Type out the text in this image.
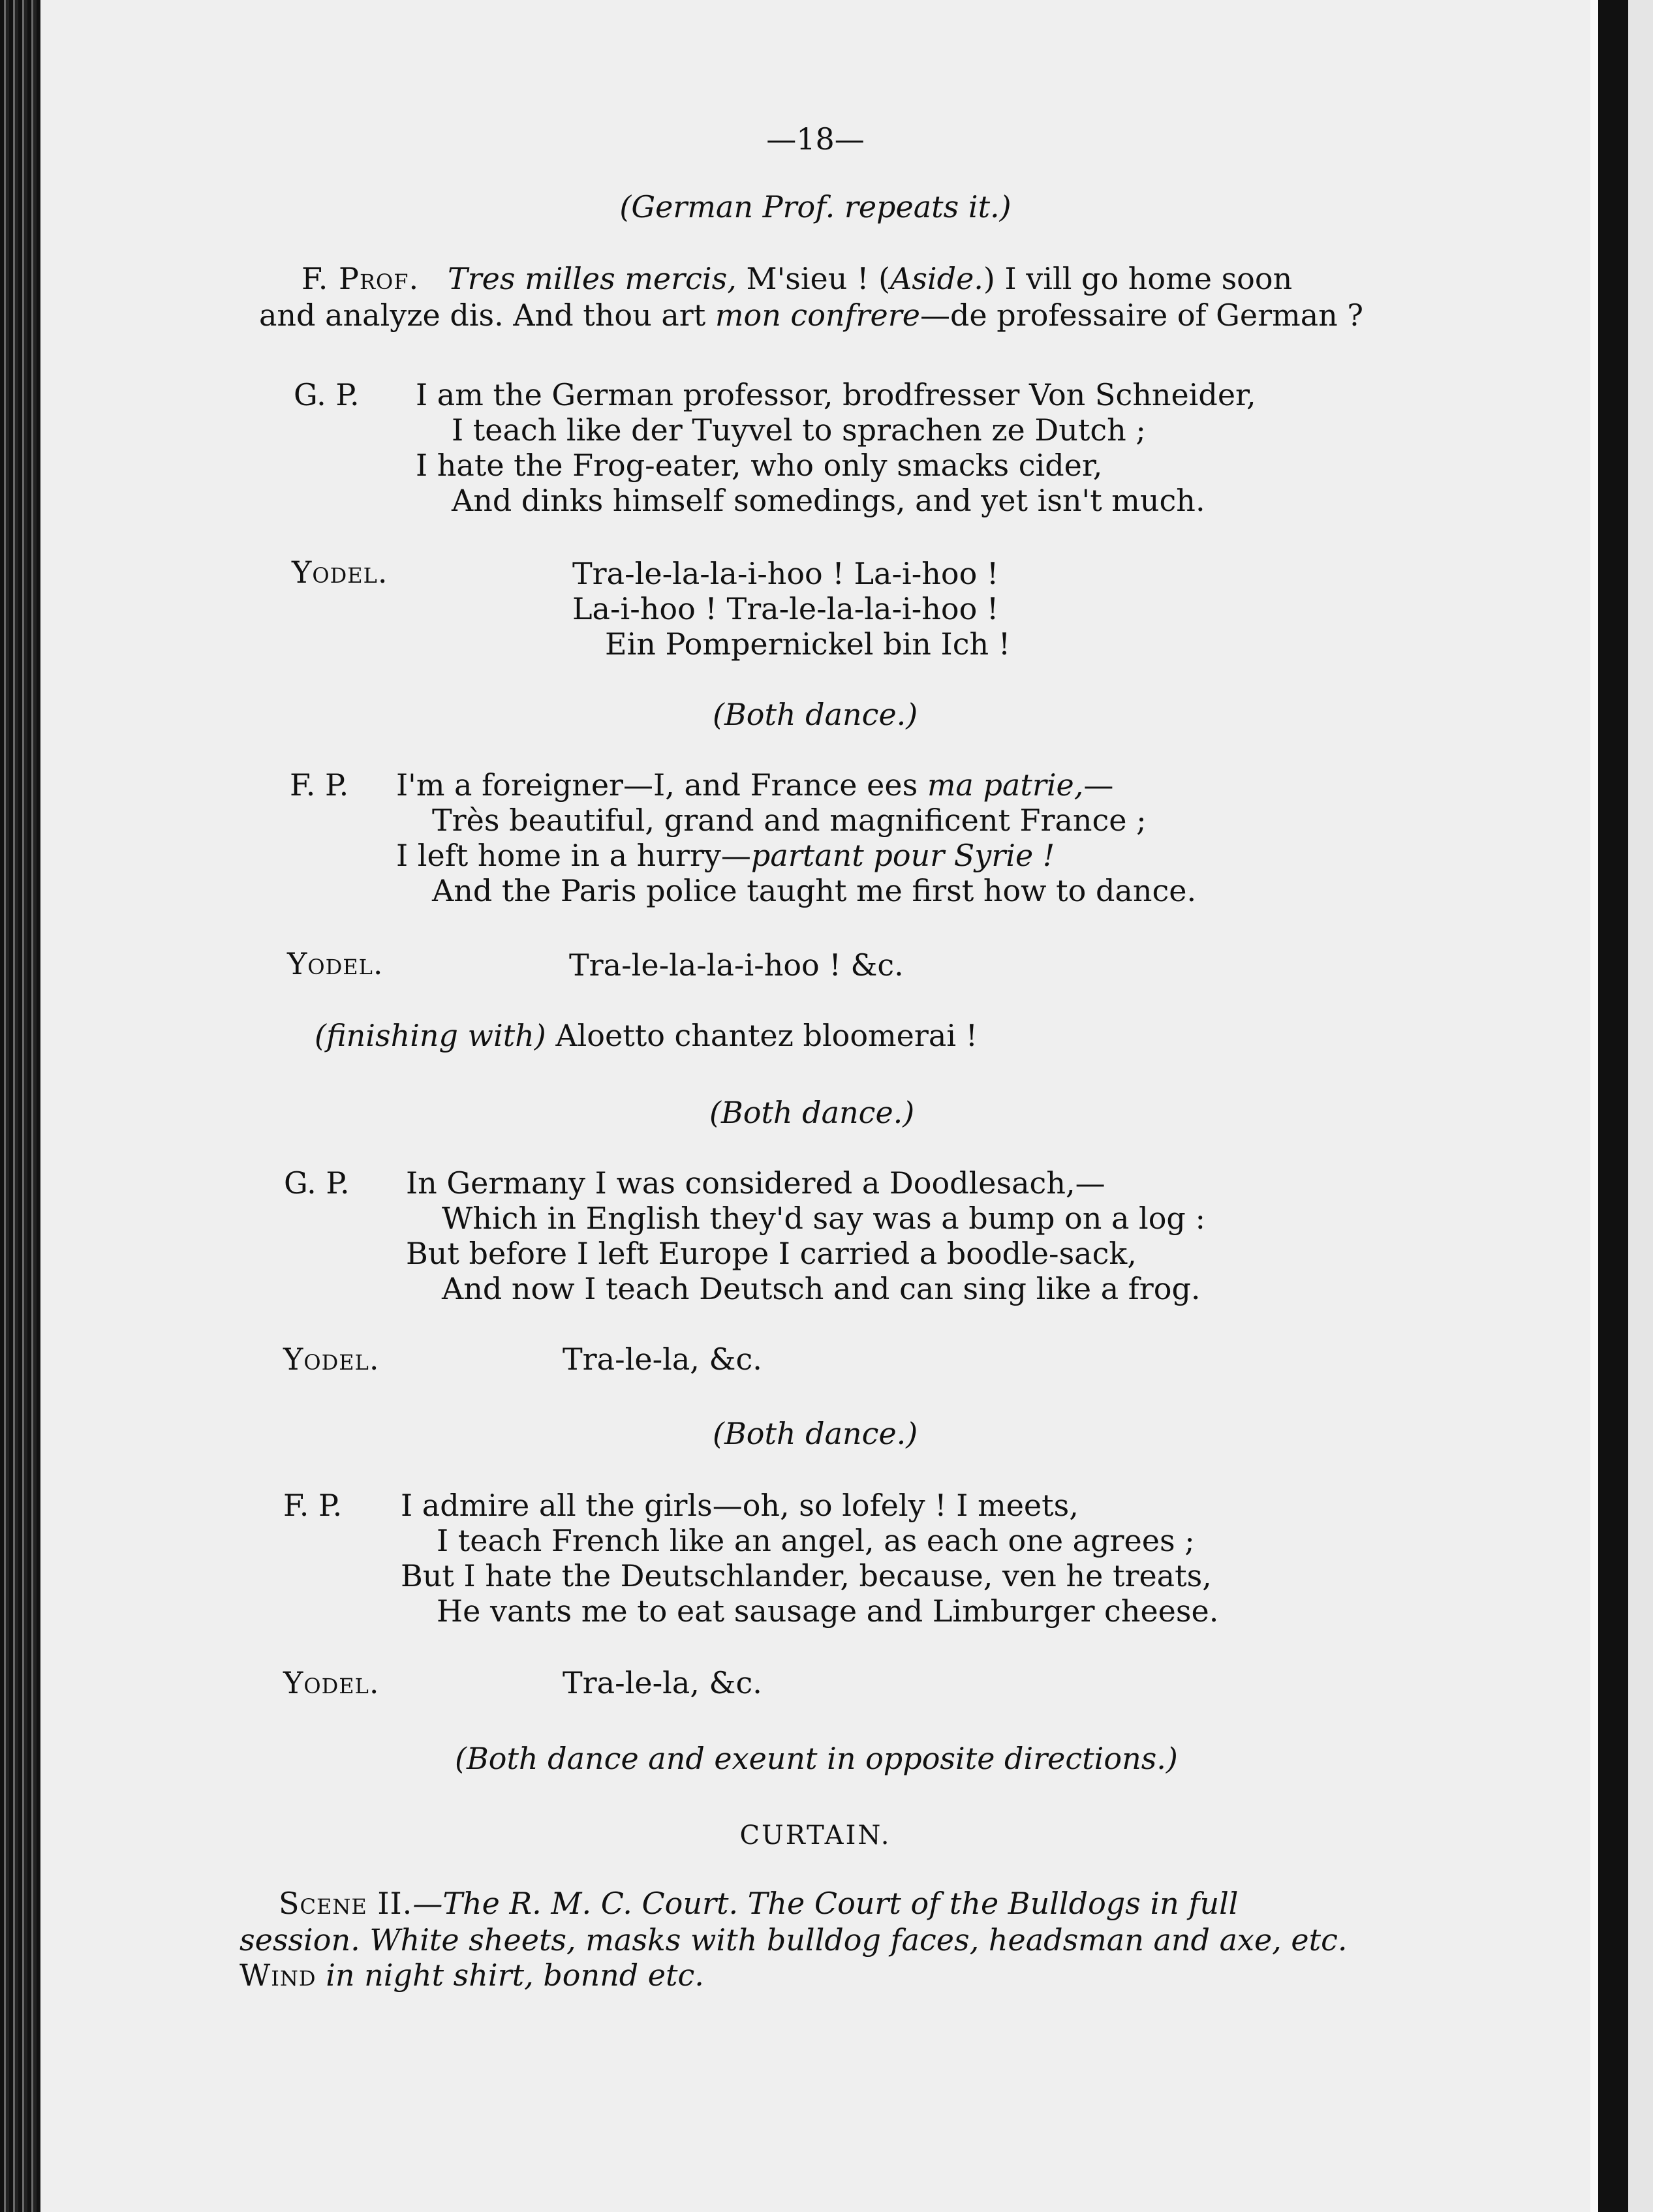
—18—
(German Prof. repeats it.)
F. Prof. Tres milles mercis, M'sieu ! (Aside.) I vill go home soon
and analyze dis. And thou art mon confrere—de professaire of German ?
G. P. I am the German professor, brodfresser Von Schneider,
I teach like der Tuyvel to sprachen ze Dutch ;
I hate the Frog-eater, who only smacks cider,
And dinks himself somedings, and yet isn't much.
Yodel.	Tra-le-la-la-i-hoo ! La-i-hoo !
La-i-hoo ! Tra-le-la-la-i-hoo !
Ein Pompernickel bin Ich !
(Both dance.)
F. P. I'm a foreigner—I, and France ees ma patrie,—
Très beautiful, grand and magnificent France ;
I left home in a hurry—partant pour Syrie !
And the Paris police taught me first how to dance.
Yodel.	Tra-le-la-la-i-hoo ! &c.
(finishing with) Aloetto chantez bloomerai !
(Both dance.)
G. P. In Germany I was considered a Doodlesach,—
Which in English they'd say was a bump on a log :
But before I left Europe I carried a boodle-sack,
And now I teach Deutsch and can sing like a frog.
Yodel.	Tra-le-la, &c.
(Both dance.)
F. P. I admire all the girls—oh, so lofely ! I meets,
I teach French like an angel, as each one agrees ;
But I hate the Deutschlander, because, ven he treats,
He vants me to eat sausage and Limburger cheese.
Yodel.	Tra-le-la, &c.
(Both dance and exeunt in opposite directions.)
CURTAIN.
Scene II.—The R. M. C. Court. The Court of the Bulldogs in full
session. White sheets, masks with bulldog faces, headsman and axe, etc.
Wind in night shirt, bonnd etc.
